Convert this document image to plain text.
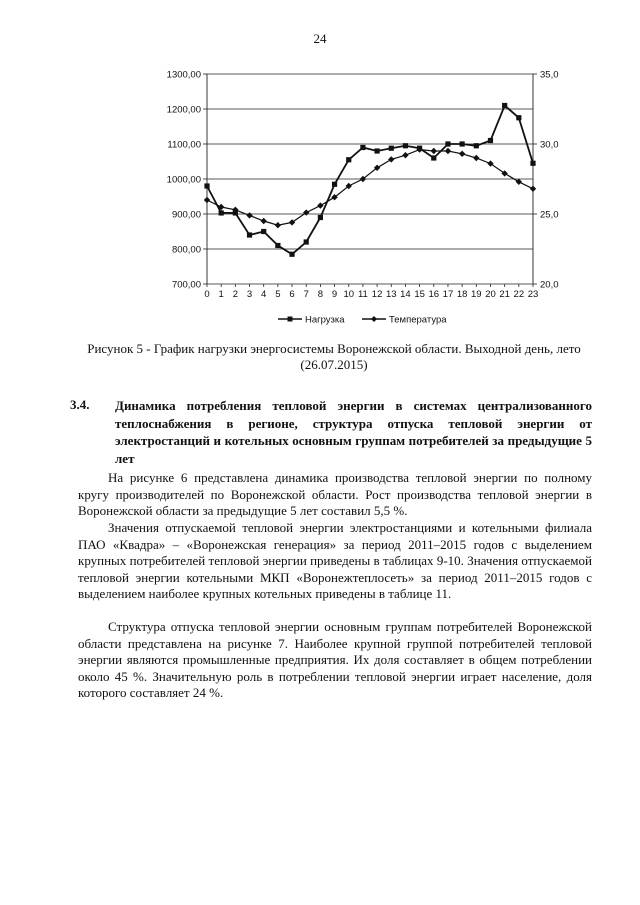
24
700,00
800,00
900,00
1000,00
1100,00
1200,00
1300,00
20,0
25,0
30,0
35,0
0 1 2 3 4 5 6 7 8 9 10 11 12 13 14 15 16 17 18 19 20 21 22 23
Нагрузка	Температура
Рисунок 5 - График нагрузки энергосистемы Воронежской области. Выходной день, лето
(26.07.2015)
3.4. Динамика потребления тепловой энергии в системах централизованного теплоснабжения в регионе, структура отпуска тепловой энергии от электростанций и котельных основным группам потребителей за предыдущие 5 лет

На рисунке 6 представлена динамика производства тепловой энергии по полному кругу производителей по Воронежской области. Рост производства тепловой энергии в Воронежской области за предыдущие 5 лет составил 5,5 %.

Значения отпускаемой тепловой энергии электростанциями и котельными филиала ПАО «Квадра» – «Воронежская генерация» за период 2011–2015 годов с выделением крупных потребителей тепловой энергии приведены в таблицах 9-10. Значения отпускаемой тепловой энергии котельными МКП «Воронежтеплосеть» за период 2011–2015 годов с выделением наиболее крупных котельных приведены в таблице 11.

Структура отпуска тепловой энергии основным группам потребителей Воронежской области представлена на рисунке 7. Наиболее крупной группой потребителей тепловой энергии являются промышленные предприятия. Их доля составляет в общем потреблении около 45 %. Значительную роль в потреблении тепловой энергии играет население, доля которого составляет 24 %.
